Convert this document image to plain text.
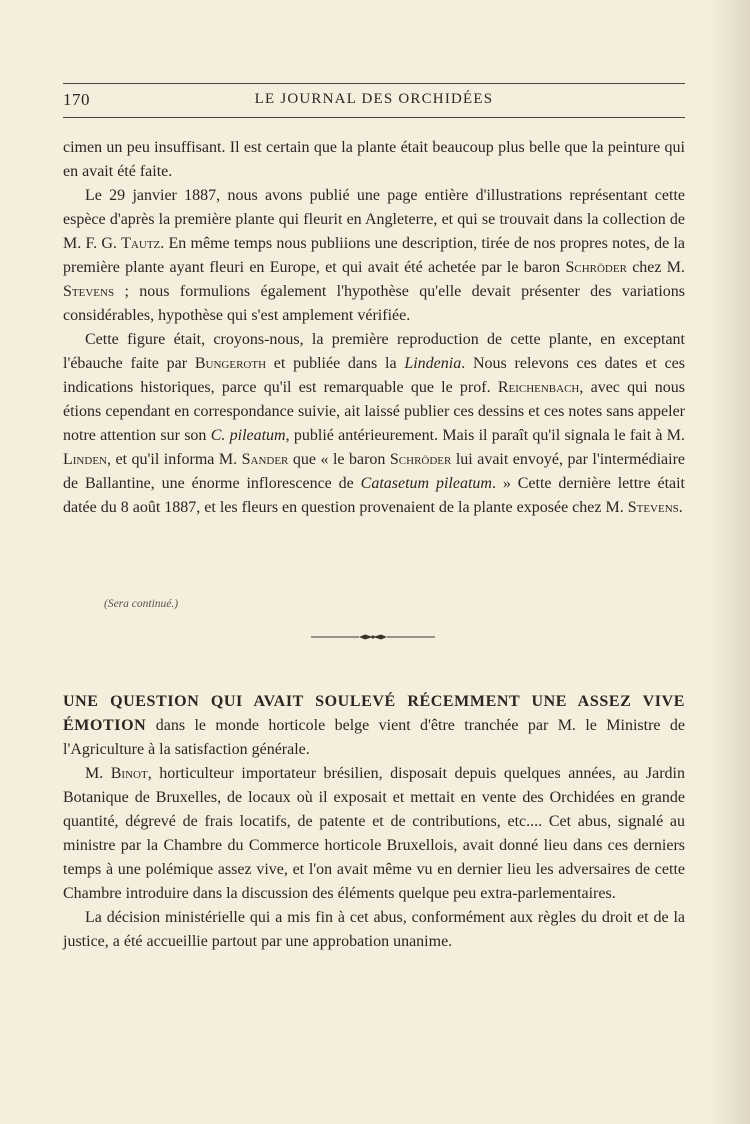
170	LE JOURNAL DES ORCHIDÉES

cimen un peu insuffisant. Il est certain que la plante était beaucoup plus belle que la peinture qui en avait été faite.

Le 29 janvier 1887, nous avons publié une page entière d'illustrations représentant cette espèce d'après la première plante qui fleurit en Angleterre, et qui se trouvait dans la collection de M. F. G. Tautz. En même temps nous publiions une description, tirée de nos propres notes, de la première plante ayant fleuri en Europe, et qui avait été achetée par le baron Schröder chez M. Stevens ; nous formulions également l'hypothèse qu'elle devait présenter des variations considérables, hypothèse qui s'est amplement vérifiée.

Cette figure était, croyons-nous, la première reproduction de cette plante, en exceptant l'ébauche faite par Bungeroth et publiée dans la Lindenia. Nous relevons ces dates et ces indications historiques, parce qu'il est remarquable que le prof. Reichenbach, avec qui nous étions cependant en correspondance suivie, ait laissé publier ces dessins et ces notes sans appeler notre attention sur son C. pileatum, publié antérieurement. Mais il paraît qu'il signala le fait à M. Linden, et qu'il informa M. Sander que « le baron Schröder lui avait envoyé, par l'intermédiaire de Ballantine, une énorme inflorescence de Catasetum pileatum. » Cette dernière lettre était datée du 8 août 1887, et les fleurs en question provenaient de la plante exposée chez M. Stevens.

(Sera continué.)

UNE QUESTION QUI AVAIT SOULEVÉ RÉCEMMENT UNE ASSEZ VIVE ÉMOTION dans le monde horticole belge vient d'être tranchée par M. le Ministre de l'Agriculture à la satisfaction générale.

M. Binot, horticulteur importateur brésilien, disposait depuis quelques années, au Jardin Botanique de Bruxelles, de locaux où il exposait et mettait en vente des Orchidées en grande quantité, dégrevé de frais locatifs, de patente et de contributions, etc.... Cet abus, signalé au ministre par la Chambre du Commerce horticole Bruxellois, avait donné lieu dans ces derniers temps à une polémique assez vive, et l'on avait même vu en dernier lieu les adversaires de cette Chambre introduire dans la discussion des éléments quelque peu extra-parlementaires.

La décision ministérielle qui a mis fin à cet abus, conformément aux règles du droit et de la justice, a été accueillie partout par une approbation unanime.
